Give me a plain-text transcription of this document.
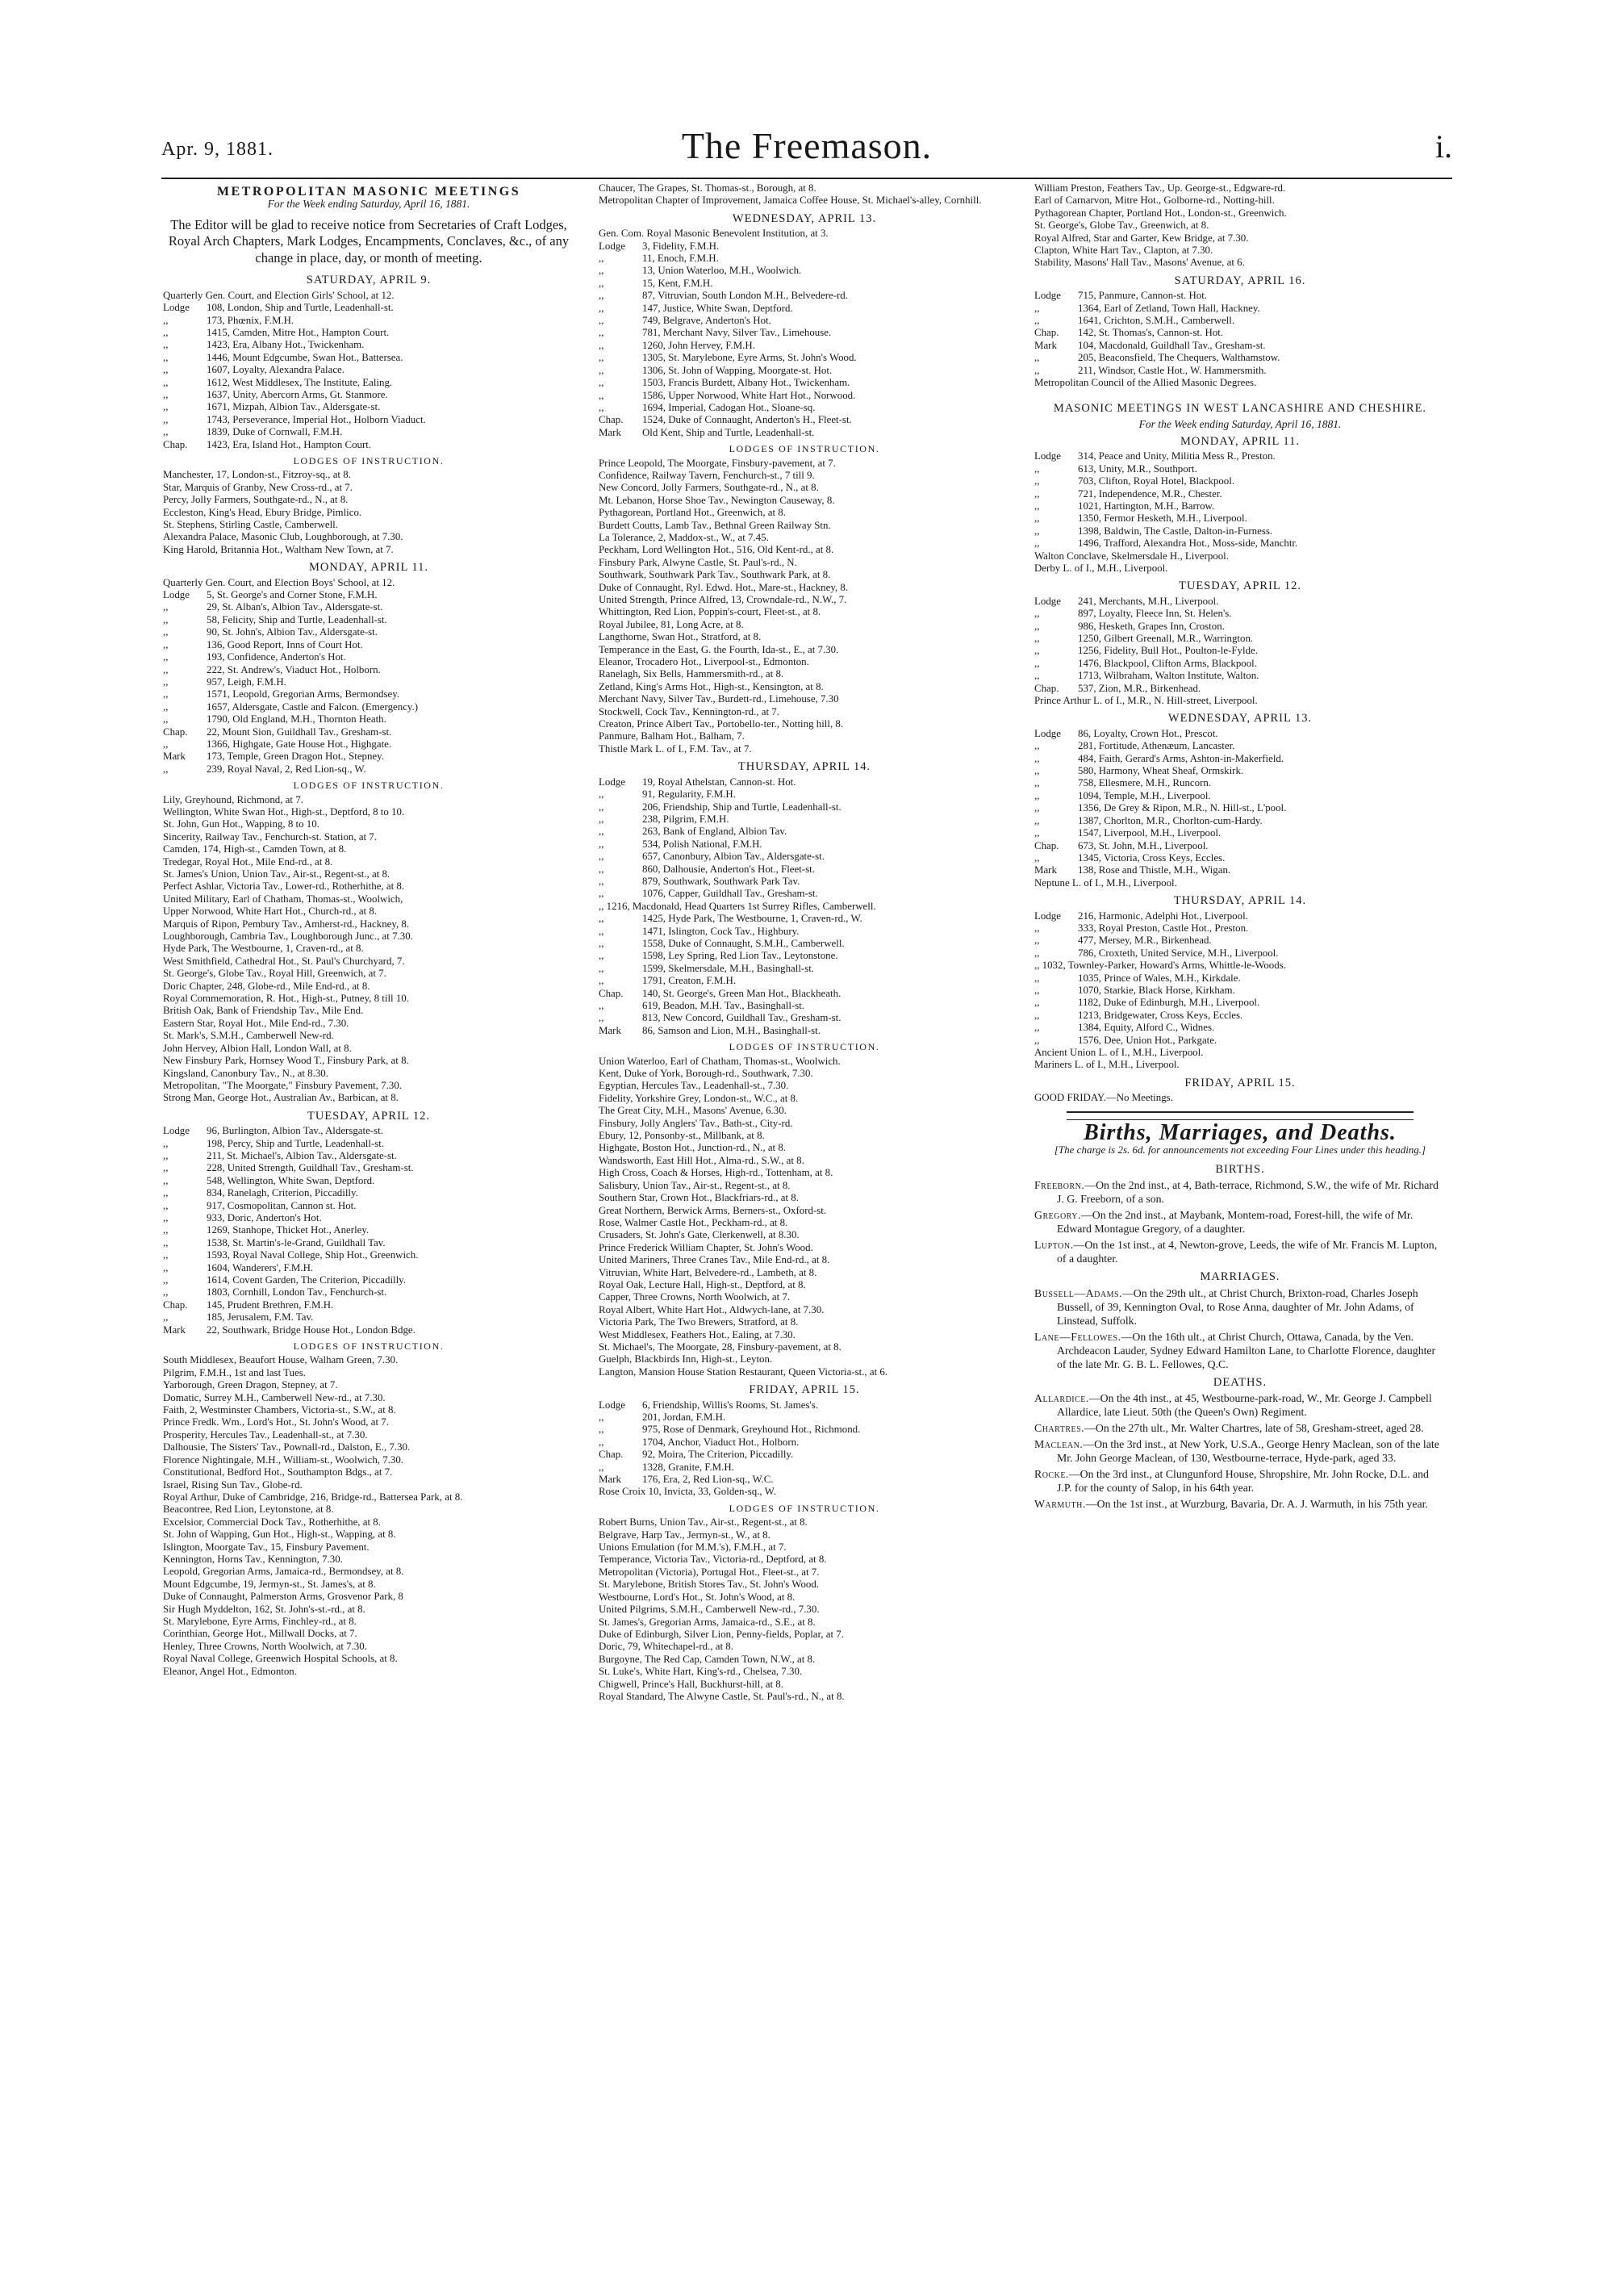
Apr. 9, 1881.	The Freemason.	i.
METROPOLITAN MASONIC MEETINGS
For the Week ending Saturday, April 16, 1881.
The Editor will be glad to receive notice from Secretaries of Craft Lodges, Royal Arch Chapters, Mark Lodges, Encampments, Conclaves, &c., of any change in place, day, or month of meeting.
SATURDAY, APRIL 9.
Quarterly Gen. Court, and Election Girls' School, at 12.
Lodge 108, London, Ship and Turtle, Leadenhall-st.
,,	173, Phœnix, F.M.H.
,,	1415, Camden, Mitre Hot., Hampton Court.
,,	1423, Era, Albany Hot., Twickenham.
,,	1446, Mount Edgcumbe, Swan Hot., Battersea.
,,	1607, Loyalty, Alexandra Palace.
,,	1612, West Middlesex, The Institute, Ealing.
,,	1637, Unity, Abercorn Arms, Gt. Stanmore.
,,	1671, Mizpah, Albion Tav., Aldersgate-st.
,,	1743, Perseverance, Imperial Hot., Holborn Viaduct.
,,	1839, Duke of Cornwall, F.M.H.
Chap. 1423, Era, Island Hot., Hampton Court.
LODGES OF INSTRUCTION.
Manchester, 17, London-st., Fitzroy-sq., at 8.
Star, Marquis of Granby, New Cross-rd., at 7.
Percy, Jolly Farmers, Southgate-rd., N., at 8.
Eccleston, King's Head, Ebury Bridge, Pimlico.
St. Stephens, Stirling Castle, Camberwell.
Alexandra Palace, Masonic Club, Loughborough, at 7.30.
King Harold, Britannia Hot., Waltham New Town, at 7.
MONDAY, APRIL 11.
Quarterly Gen. Court, and Election Boys' School, at 12.
Lodge 5, St. George's and Corner Stone, F.M.H.
,,	29, St. Alban's, Albion Tav., Aldersgate-st.
,,	58, Felicity, Ship and Turtle, Leadenhall-st.
,,	90, St. John's, Albion Tav., Aldersgate-st.
,,	136, Good Report, Inns of Court Hot.
,,	193, Confidence, Anderton's Hot.
,,	222, St. Andrew's, Viaduct Hot., Holborn.
,,	957, Leigh, F.M.H.
,,	1571, Leopold, Gregorian Arms, Bermondsey.
,,	1657, Aldersgate, Castle and Falcon. (Emergency.)
,,	1790, Old England, M.H., Thornton Heath.
Chap. 22, Mount Sion, Guildhall Tav., Gresham-st.
,,	1366, Highgate, Gate House Hot., Highgate.
Mark 173, Temple, Green Dragon Hot., Stepney.
,,	239, Royal Naval, 2, Red Lion-sq., W.
LODGES OF INSTRUCTION.
Lily, Greyhound, Richmond, at 7.
Wellington, White Swan Hot., High-st., Deptford, 8 to 10.
St. John, Gun Hot., Wapping, 8 to 10.
Sincerity, Railway Tav., Fenchurch-st. Station, at 7.
Camden, 174, High-st., Camden Town, at 8.
Tredegar, Royal Hot., Mile End-rd., at 8.
St. James's Union, Union Tav., Air-st., Regent-st., at 8.
Perfect Ashlar, Victoria Tav., Lower-rd., Rotherhithe, at 8.
United Military, Earl of Chatham, Thomas-st., Woolwich,
Upper Norwood, White Hart Hot., Church-rd., at 8.
Marquis of Ripon, Pembury Tav., Amherst-rd., Hackney, 8.
Loughborough, Cambria Tav., Loughborough Junc., at 7.30.
Hyde Park, The Westbourne, 1, Craven-rd., at 8.
West Smithfield, Cathedral Hot., St. Paul's Churchyard, 7.
St. George's, Globe Tav., Royal Hill, Greenwich, at 7.
Doric Chapter, 248, Globe-rd., Mile End-rd., at 8.
Royal Commemoration, R. Hot., High-st., Putney, 8 till 10.
British Oak, Bank of Friendship Tav., Mile End.
Eastern Star, Royal Hot., Mile End-rd., 7.30.
St. Mark's, S.M.H., Camberwell New-rd.
John Hervey, Albion Hall, London Wall, at 8.
New Finsbury Park, Hornsey Wood T., Finsbury Park, at 8.
Kingsland, Canonbury Tav., N., at 8.30.
Metropolitan, "The Moorgate," Finsbury Pavement, 7.30.
Strong Man, George Hot., Australian Av., Barbican, at 8.
TUESDAY, APRIL 12.
Lodge 96, Burlington, Albion Tav., Aldersgate-st.
,,	198, Percy, Ship and Turtle, Leadenhall-st.
,,	211, St. Michael's, Albion Tav., Aldersgate-st.
,,	228, United Strength, Guildhall Tav., Gresham-st.
,,	548, Wellington, White Swan, Deptford.
,,	834, Ranelagh, Criterion, Piccadilly.
,,	917, Cosmopolitan, Cannon st. Hot.
,,	933, Doric, Anderton's Hot.
,,	1269, Stanhope, Thicket Hot., Anerley.
,,	1538, St. Martin's-le-Grand, Guildhall Tav.
,,	1593, Royal Naval College, Ship Hot., Greenwich.
,,	1604, Wanderers', F.M.H.
,,	1614, Covent Garden, The Criterion, Piccadilly.
,,	1803, Cornhill, London Tav., Fenchurch-st.
Chap. 145, Prudent Brethren, F.M.H.
,,	185, Jerusalem, F.M. Tav.
Mark 22, Southwark, Bridge House Hot., London Bdge.
LODGES OF INSTRUCTION.
South Middlesex, Beaufort House, Walham Green, 7.30.
Pilgrim, F.M.H., 1st and last Tues.
Yarborough, Green Dragon, Stepney, at 7.
Domatic, Surrey M.H., Camberwell New-rd., at 7.30.
Faith, 2, Westminster Chambers, Victoria-st., S.W., at 8.
Prince Fredk. Wm., Lord's Hot., St. John's Wood, at 7.
Prosperity, Hercules Tav., Leadenhall-st., at 7.30.
Dalhousie, The Sisters' Tav., Pownall-rd., Dalston, E., 7.30.
Florence Nightingale, M.H., William-st., Woolwich, 7.30.
Constitutional, Bedford Hot., Southampton Bdgs., at 7.
Israel, Rising Sun Tav., Globe-rd.
Royal Arthur, Duke of Cambridge, 216, Bridge-rd., Battersea Park, at 8.
Beacontree, Red Lion, Leytonstone, at 8.
Excelsior, Commercial Dock Tav., Rotherhithe, at 8.
St. John of Wapping, Gun Hot., High-st., Wapping, at 8.
Islington, Moorgate Tav., 15, Finsbury Pavement.
Kennington, Horns Tav., Kennington, 7.30.
Leopold, Gregorian Arms, Jamaica-rd., Bermondsey, at 8.
Mount Edgcumbe, 19, Jermyn-st., St. James's, at 8.
Duke of Connaught, Palmerston Arms, Grosvenor Park, 8
Sir Hugh Myddelton, 162, St. John's-st.-rd., at 8.
St. Marylebone, Eyre Arms, Finchley-rd., at 8.
Corinthian, George Hot., Millwall Docks, at 7.
Henley, Three Crowns, North Woolwich, at 7.30.
Royal Naval College, Greenwich Hospital Schools, at 8.
Eleanor, Angel Hot., Edmonton.
Chaucer, The Grapes, St. Thomas-st., Borough, at 8.
Metropolitan Chapter of Improvement, Jamaica Coffee House, St. Michael's-alley, Cornhill.
WEDNESDAY, APRIL 13.
Gen. Com. Royal Masonic Benevolent Institution, at 3.
Lodge 3, Fidelity, F.M.H.
,,	11, Enoch, F.M.H.
,,	13, Union Waterloo, M.H., Woolwich.
,,	15, Kent, F.M.H.
,,	87, Vitruvian, South London M.H., Belvedere-rd.
,,	147, Justice, White Swan, Deptford.
,,	749, Belgrave, Anderton's Hot.
,,	781, Merchant Navy, Silver Tav., Limehouse.
,,	1260, John Hervey, F.M.H.
,,	1305, St. Marylebone, Eyre Arms, St. John's Wood.
,,	1306, St. John of Wapping, Moorgate-st. Hot.
,,	1503, Francis Burdett, Albany Hot., Twickenham.
,,	1586, Upper Norwood, White Hart Hot., Norwood.
,,	1694, Imperial, Cadogan Hot., Sloane-sq.
Chap. 1524, Duke of Connaught, Anderton's H., Fleet-st.
Mark Old Kent, Ship and Turtle, Leadenhall-st.
LODGES OF INSTRUCTION.
Prince Leopold, The Moorgate, Finsbury-pavement, at 7.
Confidence, Railway Tavern, Fenchurch-st., 7 till 9.
New Concord, Jolly Farmers, Southgate-rd., N., at 8.
Mt. Lebanon, Horse Shoe Tav., Newington Causeway, 8.
Pythagorean, Portland Hot., Greenwich, at 8.
Burdett Coutts, Lamb Tav., Bethnal Green Railway Stn.
La Tolerance, 2, Maddox-st., W., at 7.45.
Peckham, Lord Wellington Hot., 516, Old Kent-rd., at 8.
Finsbury Park, Alwyne Castle, St. Paul's-rd., N.
Southwark, Southwark Park Tav., Southwark Park, at 8.
Duke of Connaught, Ryl. Edwd. Hot., Mare-st., Hackney, 8.
United Strength, Prince Alfred, 13, Crowndale-rd., N.W., 7.
Whittington, Red Lion, Poppin's-court, Fleet-st., at 8.
Royal Jubilee, 81, Long Acre, at 8.
Langthorne, Swan Hot., Stratford, at 8.
Temperance in the East, G. the Fourth, Ida-st., E., at 7.30.
Eleanor, Trocadero Hot., Liverpool-st., Edmonton.
Ranelagh, Six Bells, Hammersmith-rd., at 8.
Zetland, King's Arms Hot., High-st., Kensington, at 8.
Merchant Navy, Silver Tav., Burdett-rd., Limehouse, 7.30
Stockwell, Cock Tav., Kennington-rd., at 7.
Creaton, Prince Albert Tav., Portobello-ter., Notting hill, 8.
Panmure, Balham Hot., Balham, 7.
Thistle Mark L. of I., F.M. Tav., at 7.
THURSDAY, APRIL 14.
Lodge 19, Royal Athelstan, Cannon-st. Hot.
,,	91, Regularity, F.M.H.
,,	206, Friendship, Ship and Turtle, Leadenhall-st.
,,	238, Pilgrim, F.M.H.
,,	263, Bank of England, Albion Tav.
,,	534, Polish National, F.M.H.
,,	657, Canonbury, Albion Tav., Aldersgate-st.
,,	860, Dalhousie, Anderton's Hot., Fleet-st.
,,	879, Southwark, Southwark Park Tav.
,,	1076, Capper, Guildhall Tav., Gresham-st.
,, 1216, Macdonald, Head Quarters 1st Surrey Rifles, Camberwell.
,,	1425, Hyde Park, The Westbourne, 1, Craven-rd., W.
,,	1471, Islington, Cock Tav., Highbury.
,,	1558, Duke of Connaught, S.M.H., Camberwell.
,,	1598, Ley Spring, Red Lion Tav., Leytonstone.
,,	1599, Skelmersdale, M.H., Basinghall-st.
,,	1791, Creaton, F.M.H.
Chap. 140, St. George's, Green Man Hot., Blackheath.
,,	619, Beadon, M.H. Tav., Basinghall-st.
,,	813, New Concord, Guildhall Tav., Gresham-st.
Mark 86, Samson and Lion, M.H., Basinghall-st.
LODGES OF INSTRUCTION.
Union Waterloo, Earl of Chatham, Thomas-st., Woolwich.
Kent, Duke of York, Borough-rd., Southwark, 7.30.
Egyptian, Hercules Tav., Leadenhall-st., 7.30.
Fidelity, Yorkshire Grey, London-st., W.C., at 8.
The Great City, M.H., Masons' Avenue, 6.30.
Finsbury, Jolly Anglers' Tav., Bath-st., City-rd.
Ebury, 12, Ponsonby-st., Millbank, at 8.
Highgate, Boston Hot., Junction-rd., N., at 8.
Wandsworth, East Hill Hot., Alma-rd., S.W., at 8.
High Cross, Coach & Horses, High-rd., Tottenham, at 8.
Salisbury, Union Tav., Air-st., Regent-st., at 8.
Southern Star, Crown Hot., Blackfriars-rd., at 8.
Great Northern, Berwick Arms, Berners-st., Oxford-st.
Rose, Walmer Castle Hot., Peckham-rd., at 8.
Crusaders, St. John's Gate, Clerkenwell, at 8.30.
Prince Frederick William Chapter, St. John's Wood.
United Mariners, Three Cranes Tav., Mile End-rd., at 8.
Vitruvian, White Hart, Belvedere-rd., Lambeth, at 8.
Royal Oak, Lecture Hall, High-st., Deptford, at 8.
Capper, Three Crowns, North Woolwich, at 7.
Royal Albert, White Hart Hot., Aldwych-lane, at 7.30.
Victoria Park, The Two Brewers, Stratford, at 8.
West Middlesex, Feathers Hot., Ealing, at 7.30.
St. Michael's, The Moorgate, 28, Finsbury-pavement, at 8.
Guelph, Blackbirds Inn, High-st., Leyton.
Langton, Mansion House Station Restaurant, Queen Victoria-st., at 6.
FRIDAY, APRIL 15.
Lodge 6, Friendship, Willis's Rooms, St. James's.
,,	201, Jordan, F.M.H.
,,	975, Rose of Denmark, Greyhound Hot., Richmond.
,,	1704, Anchor, Viaduct Hot., Holborn.
Chap. 92, Moira, The Criterion, Piccadilly.
,,	1328, Granite, F.M.H.
Mark 176, Era, 2, Red Lion-sq., W.C.
Rose Croix 10, Invicta, 33, Golden-sq., W.
LODGES OF INSTRUCTION.
Robert Burns, Union Tav., Air-st., Regent-st., at 8.
Belgrave, Harp Tav., Jermyn-st., W., at 8.
Unions Emulation (for M.M.'s), F.M.H., at 7.
Temperance, Victoria Tav., Victoria-rd., Deptford, at 8.
Metropolitan (Victoria), Portugal Hot., Fleet-st., at 7.
St. Marylebone, British Stores Tav., St. John's Wood.
Westbourne, Lord's Hot., St. John's Wood, at 8.
United Pilgrims, S.M.H., Camberwell New-rd., 7.30.
St. James's, Gregorian Arms, Jamaica-rd., S.E., at 8.
Duke of Edinburgh, Silver Lion, Penny-fields, Poplar, at 7.
Doric, 79, Whitechapel-rd., at 8.
Burgoyne, The Red Cap, Camden Town, N.W., at 8.
St. Luke's, White Hart, King's-rd., Chelsea, 7.30.
Chigwell, Prince's Hall, Buckhurst-hill, at 8.
Royal Standard, The Alwyne Castle, St. Paul's-rd., N., at 8.
William Preston, Feathers Tav., Up. George-st., Edgware-rd.
Earl of Carnarvon, Mitre Hot., Golborne-rd., Notting-hill.
Pythagorean Chapter, Portland Hot., London-st., Greenwich.
St. George's, Globe Tav., Greenwich, at 8.
Royal Alfred, Star and Garter, Kew Bridge, at 7.30.
Clapton, White Hart Tav., Clapton, at 7.30.
Stability, Masons' Hall Tav., Masons' Avenue, at 6.
SATURDAY, APRIL 16.
Lodge 715, Panmure, Cannon-st. Hot.
,,	1364, Earl of Zetland, Town Hall, Hackney.
,,	1641, Crichton, S.M.H., Camberwell.
Chap. 142, St. Thomas's, Cannon-st. Hot.
Mark 104, Macdonald, Guildhall Tav., Gresham-st.
,,	205, Beaconsfield, The Chequers, Walthamstow.
,,	211, Windsor, Castle Hot., W. Hammersmith.
Metropolitan Council of the Allied Masonic Degrees.
MASONIC MEETINGS IN WEST LANCASHIRE AND CHESHIRE.
For the Week ending Saturday, April 16, 1881.
MONDAY, APRIL 11.
Lodge 314, Peace and Unity, Militia Mess R., Preston.
,,	613, Unity, M.R., Southport.
,,	703, Clifton, Royal Hotel, Blackpool.
,,	721, Independence, M.R., Chester.
,,	1021, Hartington, M.H., Barrow.
,,	1350, Fermor Hesketh, M.H., Liverpool.
,,	1398, Baldwin, The Castle, Dalton-in-Furness.
,,	1496, Trafford, Alexandra Hot., Moss-side, Manchtr.
Walton Conclave, Skelmersdale H., Liverpool.
Derby L. of I., M.H., Liverpool.
TUESDAY, APRIL 12.
Lodge 241, Merchants, M.H., Liverpool.
,,	897, Loyalty, Fleece Inn, St. Helen's.
,,	986, Hesketh, Grapes Inn, Croston.
,,	1250, Gilbert Greenall, M.R., Warrington.
,,	1256, Fidelity, Bull Hot., Poulton-le-Fylde.
,,	1476, Blackpool, Clifton Arms, Blackpool.
,,	1713, Wilbraham, Walton Institute, Walton.
Chap. 537, Zion, M.R., Birkenhead.
Prince Arthur L. of I., M.R., N. Hill-street, Liverpool.
WEDNESDAY, APRIL 13.
Lodge 86, Loyalty, Crown Hot., Prescot.
,,	281, Fortitude, Athenæum, Lancaster.
,,	484, Faith, Gerard's Arms, Ashton-in-Makerfield.
,,	580, Harmony, Wheat Sheaf, Ormskirk.
,,	758, Ellesmere, M.H., Runcorn.
,,	1094, Temple, M.H., Liverpool.
,,	1356, De Grey & Ripon, M.R., N. Hill-st., L'pool.
,,	1387, Chorlton, M.R., Chorlton-cum-Hardy.
,,	1547, Liverpool, M.H., Liverpool.
Chap. 673, St. John, M.H., Liverpool.
,,	1345, Victoria, Cross Keys, Eccles.
Mark 138, Rose and Thistle, M.H., Wigan.
Neptune L. of I., M.H., Liverpool.
THURSDAY, APRIL 14.
Lodge 216, Harmonic, Adelphi Hot., Liverpool.
,,	333, Royal Preston, Castle Hot., Preston.
,,	477, Mersey, M.R., Birkenhead.
,,	786, Croxteth, United Service, M.H., Liverpool.
,, 1032, Townley-Parker, Howard's Arms, Whittle-le-Woods.
,,	1035, Prince of Wales, M.H., Kirkdale.
,,	1070, Starkie, Black Horse, Kirkham.
,,	1182, Duke of Edinburgh, M.H., Liverpool.
,,	1213, Bridgewater, Cross Keys, Eccles.
,,	1384, Equity, Alford C., Widnes.
,,	1576, Dee, Union Hot., Parkgate.
Ancient Union L. of I., M.H., Liverpool.
Mariners L. of I., M.H., Liverpool.
FRIDAY, APRIL 15.
GOOD FRIDAY.—No Meetings.
Births, Marriages, and Deaths.
[The charge is 2s. 6d. for announcements not exceeding Four Lines under this heading.]
BIRTHS.
Freeborn.—On the 2nd inst., at 4, Bath-terrace, Richmond, S.W., the wife of Mr. Richard J. G. Freeborn, of a son.
Gregory.—On the 2nd inst., at Maybank, Montem-road, Forest-hill, the wife of Mr. Edward Montague Gregory, of a daughter.
Lupton.—On the 1st inst., at 4, Newton-grove, Leeds, the wife of Mr. Francis M. Lupton, of a daughter.
MARRIAGES.
Bussell—Adams.—On the 29th ult., at Christ Church, Brixton-road, Charles Joseph Bussell, of 39, Kennington Oval, to Rose Anna, daughter of Mr. John Adams, of Linstead, Suffolk.
Lane—Fellowes.—On the 16th ult., at Christ Church, Ottawa, Canada, by the Ven. Archdeacon Lauder, Sydney Edward Hamilton Lane, to Charlotte Florence, daughter of the late Mr. G. B. L. Fellowes, Q.C.
DEATHS.
Allardice.—On the 4th inst., at 45, Westbourne-park-road, W., Mr. George J. Campbell Allardice, late Lieut. 50th (the Queen's Own) Regiment.
Chartres.—On the 27th ult., Mr. Walter Chartres, late of 58, Gresham-street, aged 28.
Maclean.—On the 3rd inst., at New York, U.S.A., George Henry Maclean, son of the late Mr. John George Maclean, of 130, Westbourne-terrace, Hyde-park, aged 33.
Rocke.—On the 3rd inst., at Clungunford House, Shropshire, Mr. John Rocke, D.L. and J.P. for the county of Salop, in his 64th year.
Warmuth.—On the 1st inst., at Wurzburg, Bavaria, Dr. A. J. Warmuth, in his 75th year.
